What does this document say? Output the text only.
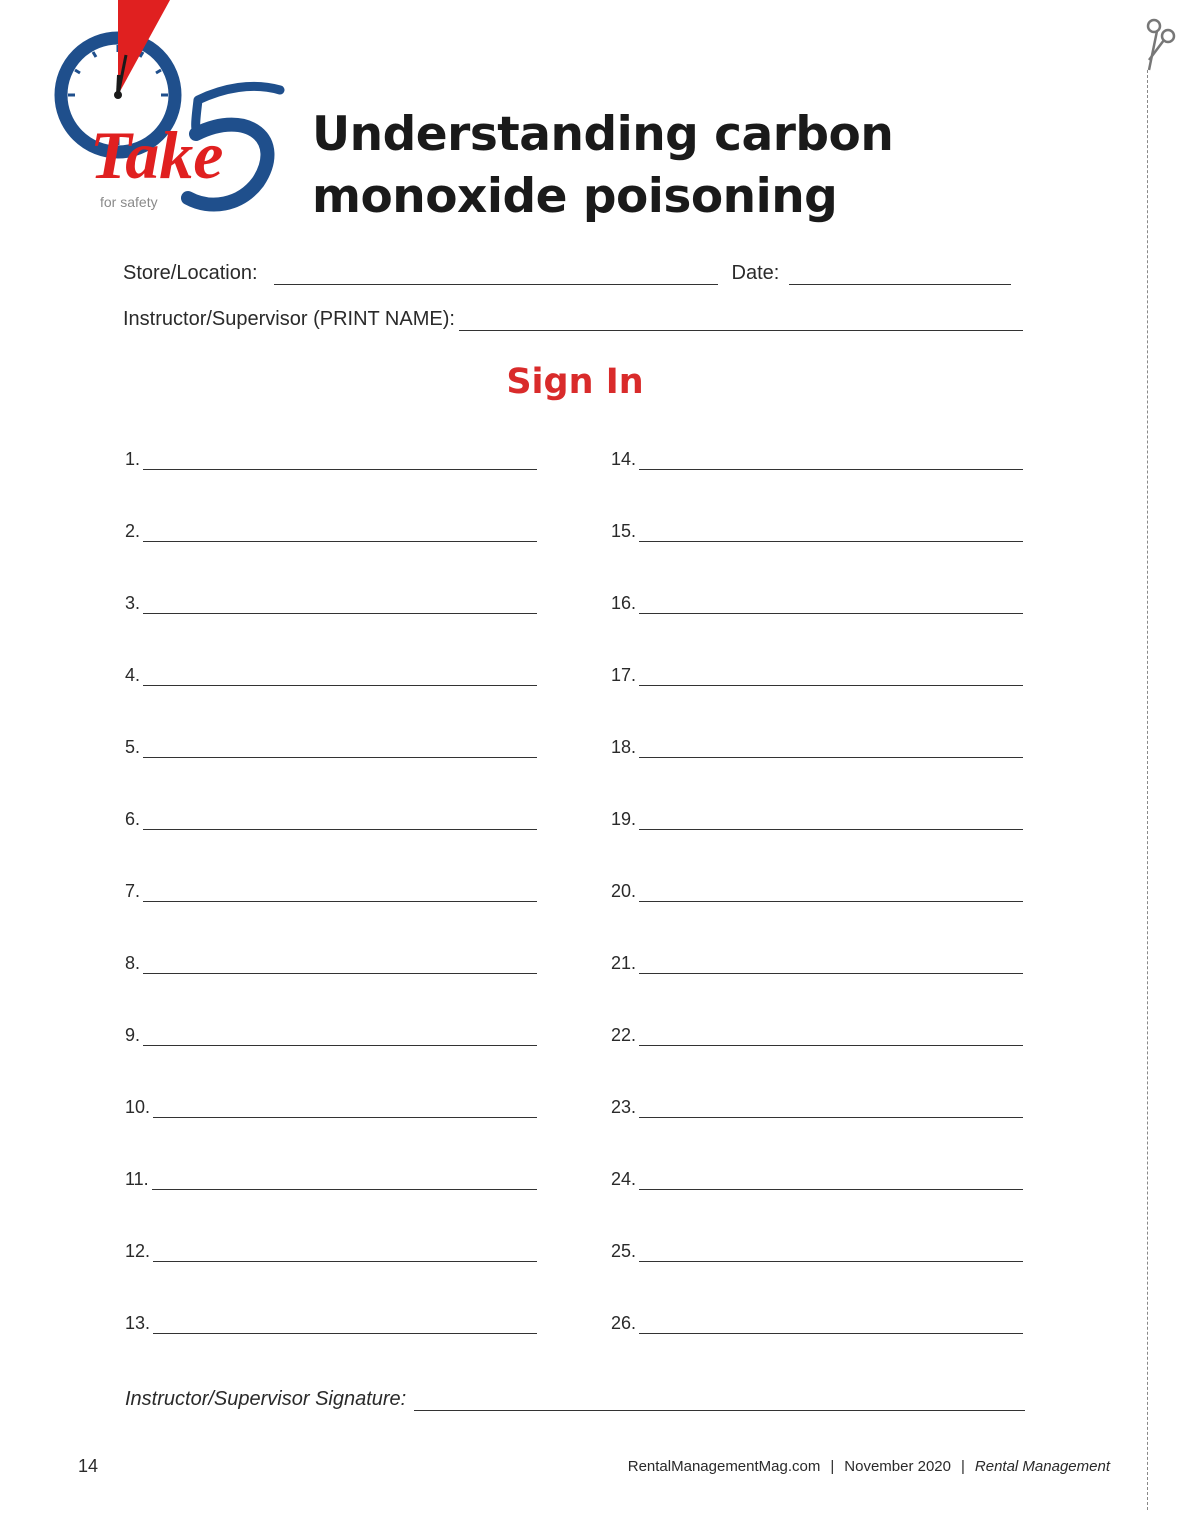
Take
for safety
Understanding carbon
monoxide poisoning
Store/Location:	Date:
Instructor/Supervisor (PRINT NAME):
Sign In
1.
2.
3.
4.
5.
6.
7.
8.
9.
10.
11.
12.
13.
14.
15.
16.
17.
18.
19.
20.
21.
22.
23.
24.
25.
26.
Instructor/Supervisor Signature:
14	RentalManagementMag.com | November 2020 | Rental Management
